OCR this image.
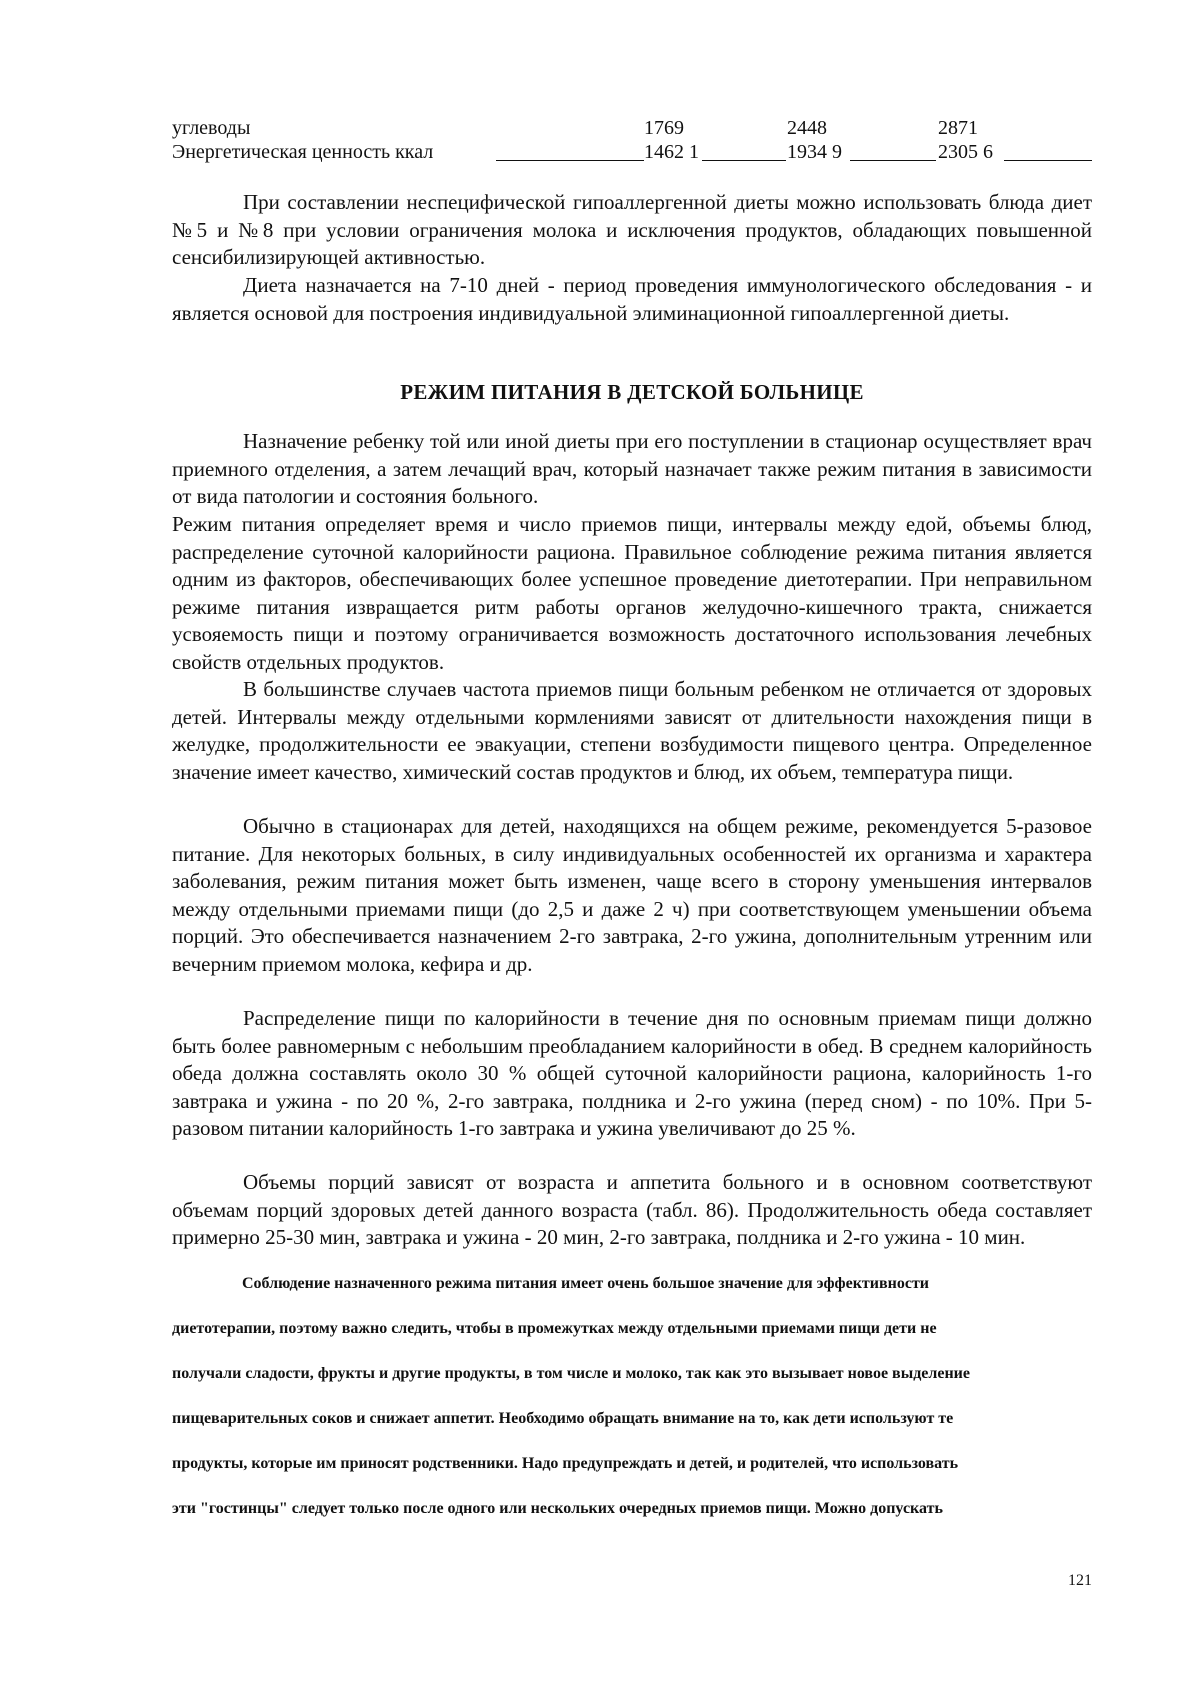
углеводы	1769	2448	2871
Энергетическая ценность ккал	1462 1	1934 9	2305 6

При составлении неспецифической гипоаллергенной диеты можно использовать блюда диет №5 и №8 при условии ограничения молока и исключения продуктов, обладающих повышенной сенсибилизирующей активностью.

Диета назначается на 7-10 дней - период проведения иммунологического обследования - и является основой для построения индивидуальной элиминационной гипоаллергенной диеты.

РЕЖИМ ПИТАНИЯ В ДЕТСКОЙ БОЛЬНИЦЕ

Назначение ребенку той или иной диеты при его поступлении в стационар осуществляет врач приемного отделения, а затем лечащий врач, который назначает также режим питания в зависимости от вида патологии и состояния больного.

Режим питания определяет время и число приемов пищи, интервалы между едой, объемы блюд, распределение суточной калорийности рациона. Правильное соблюдение режима питания является одним из факторов, обеспечивающих более успешное проведение диетотерапии. При неправильном режиме питания извращается ритм работы органов желудочно-кишечного тракта, снижается усвояемость пищи и поэтому ограничивается возможность достаточного использования лечебных свойств отдельных продуктов.

В большинстве случаев частота приемов пищи больным ребенком не отличается от здоровых детей. Интервалы между отдельными кормлениями зависят от длительности нахождения пищи в желудке, продолжительности ее эвакуации, степени возбудимости пищевого центра. Определенное значение имеет качество, химический состав продуктов и блюд, их объем, температура пищи.

Обычно в стационарах для детей, находящихся на общем режиме, рекомендуется 5-разовое питание. Для некоторых больных, в силу индивидуальных особенностей их организма и характера заболевания, режим питания может быть изменен, чаще всего в сторону уменьшения интервалов между отдельными приемами пищи (до 2,5 и даже 2 ч) при соответствующем уменьшении объема порций. Это обеспечивается назначением 2-го завтрака, 2-го ужина, дополнительным утренним или вечерним приемом молока, кефира и др.

Распределение пищи по калорийности в течение дня по основным приемам пищи должно быть более равномерным с небольшим преобладанием калорийности в обед. В среднем калорийность обеда должна составлять около 30 % общей суточной калорийности рациона, калорийность 1-го завтрака и ужина - по 20 %, 2-го завтрака, полдника и 2-го ужина (перед сном) - по 10%. При 5-разовом питании калорийность 1-го завтрака и ужина увеличивают до 25 %.

Объемы порций зависят от возраста и аппетита больного и в основном соответствуют объемам порций здоровых детей данного возраста (табл. 86). Продолжительность обеда составляет примерно 25-30 мин, завтрака и ужина - 20 мин, 2-го завтрака, полдника и 2-го ужина - 10 мин.

Соблюдение назначенного режима питания имеет очень большое значение для эффективности
диетотерапии, поэтому важно следить, чтобы в промежутках между отдельными приемами пищи дети не
получали сладости, фрукты и другие продукты, в том числе и молоко, так как это вызывает новое выделение
пищеварительных соков и снижает аппетит. Необходимо обращать внимание на то, как дети используют те
продукты, которые им приносят родственники. Надо предупреждать и детей, и родителей, что использовать
эти "гостинцы" следует только после одного или нескольких очередных приемов пищи. Можно допускать
121
